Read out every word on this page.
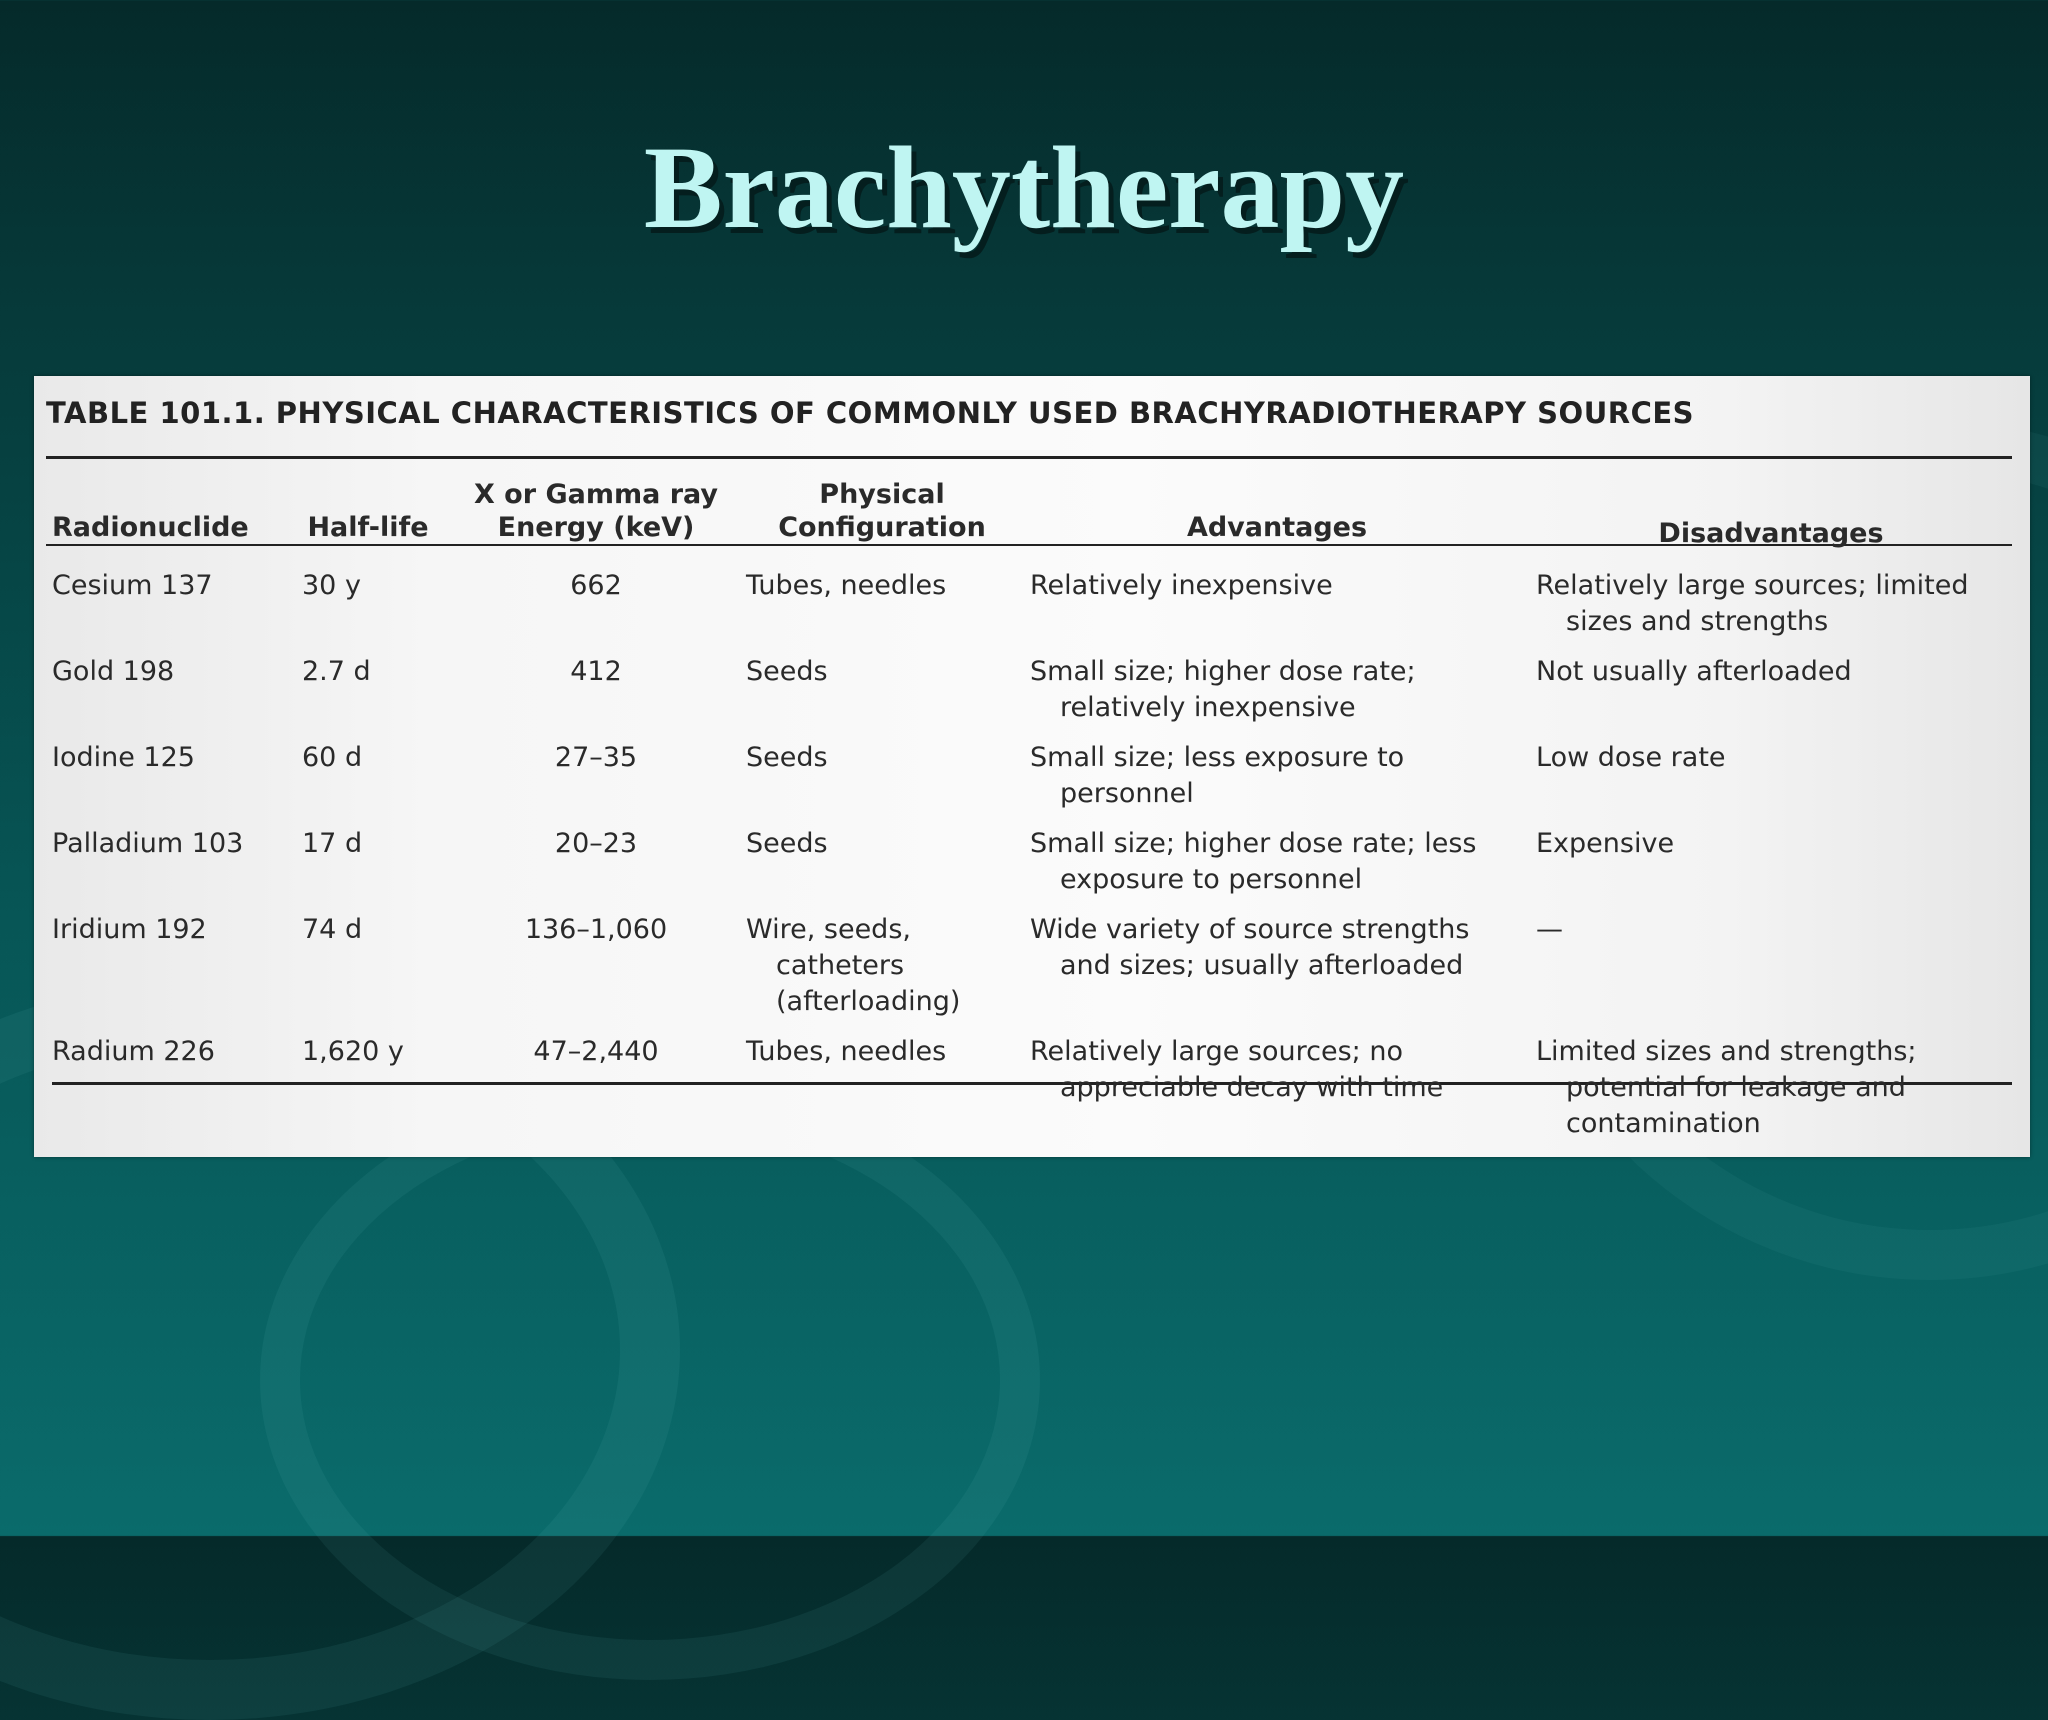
Brachytherapy
TABLE 101.1. PHYSICAL CHARACTERISTICS OF COMMONLY USED BRACHYRADIOTHERAPY SOURCES
Radionuclide	Half-life	X or Gamma ray Energy (keV)	Physical Configuration	Advantages	Disadvantages
Cesium 137	30 y	662	Tubes, needles	Relatively inexpensive	Relatively large sources; limited sizes and strengths

Gold 198	2.7 d	412	Seeds	Small size; higher dose rate; relatively inexpensive	Not usually afterloaded

Iodine 125	60 d	27–35	Seeds	Small size; less exposure to personnel	Low dose rate

Palladium 103	17 d	20–23	Seeds	Small size; higher dose rate; less exposure to personnel	Expensive

Iridium 192	74 d	136–1,060	Wire, seeds, catheters (afterloading)	Wide variety of source strengths and sizes; usually afterloaded	—

Radium 226	1,620 y	47–2,440	Tubes, needles	Relatively large sources; no appreciable decay with time	Limited sizes and strengths; potential for leakage and contamination
